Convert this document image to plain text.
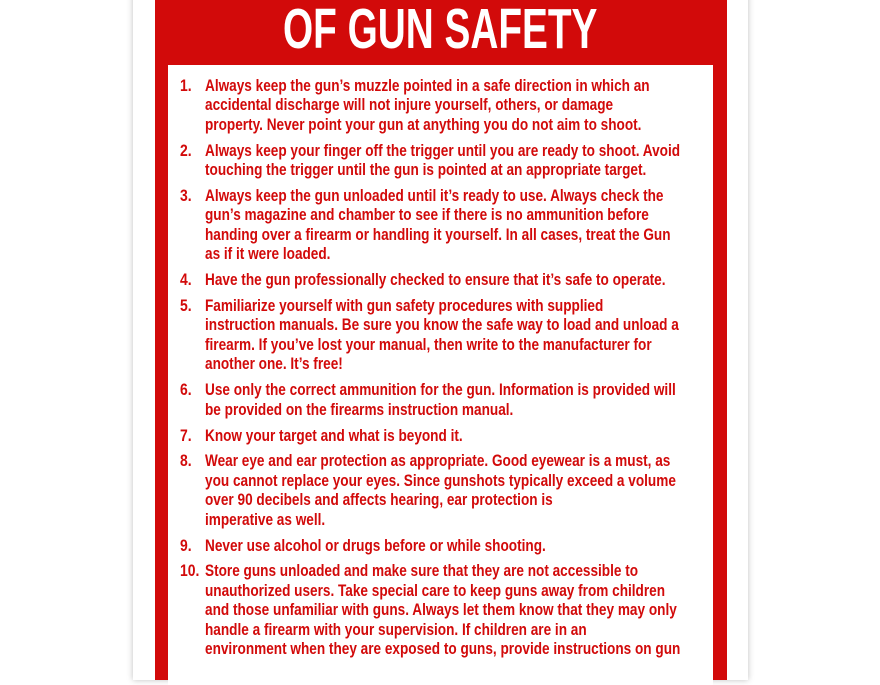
OF GUN SAFETY
1. Always keep the gun’s muzzle pointed in a safe direction in which an
accidental discharge will not injure yourself, others, or damage
property. Never point your gun at anything you do not aim to shoot.
2. Always keep your finger off the trigger until you are ready to shoot. Avoid
touching the trigger until the gun is pointed at an appropriate target.
3. Always keep the gun unloaded until it’s ready to use. Always check the
gun’s magazine and chamber to see if there is no ammunition before
handing over a firearm or handling it yourself. In all cases, treat the Gun
as if it were loaded.
4. Have the gun professionally checked to ensure that it’s safe to operate.
5. Familiarize yourself with gun safety procedures with supplied
instruction manuals. Be sure you know the safe way to load and unload a
firearm. If you’ve lost your manual, then write to the manufacturer for
another one. It’s free!
6. Use only the correct ammunition for the gun. Information is provided will
be provided on the firearms instruction manual.
7. Know your target and what is beyond it.
8. Wear eye and ear protection as appropriate. Good eyewear is a must, as
you cannot replace your eyes. Since gunshots typically exceed a volume
over 90 decibels and affects hearing, ear protection is
imperative as well.
9. Never use alcohol or drugs before or while shooting.
10. Store guns unloaded and make sure that they are not accessible to
unauthorized users. Take special care to keep guns away from children
and those unfamiliar with guns. Always let them know that they may only
handle a firearm with your supervision. If children are in an
environment when they are exposed to guns, provide instructions on gun
